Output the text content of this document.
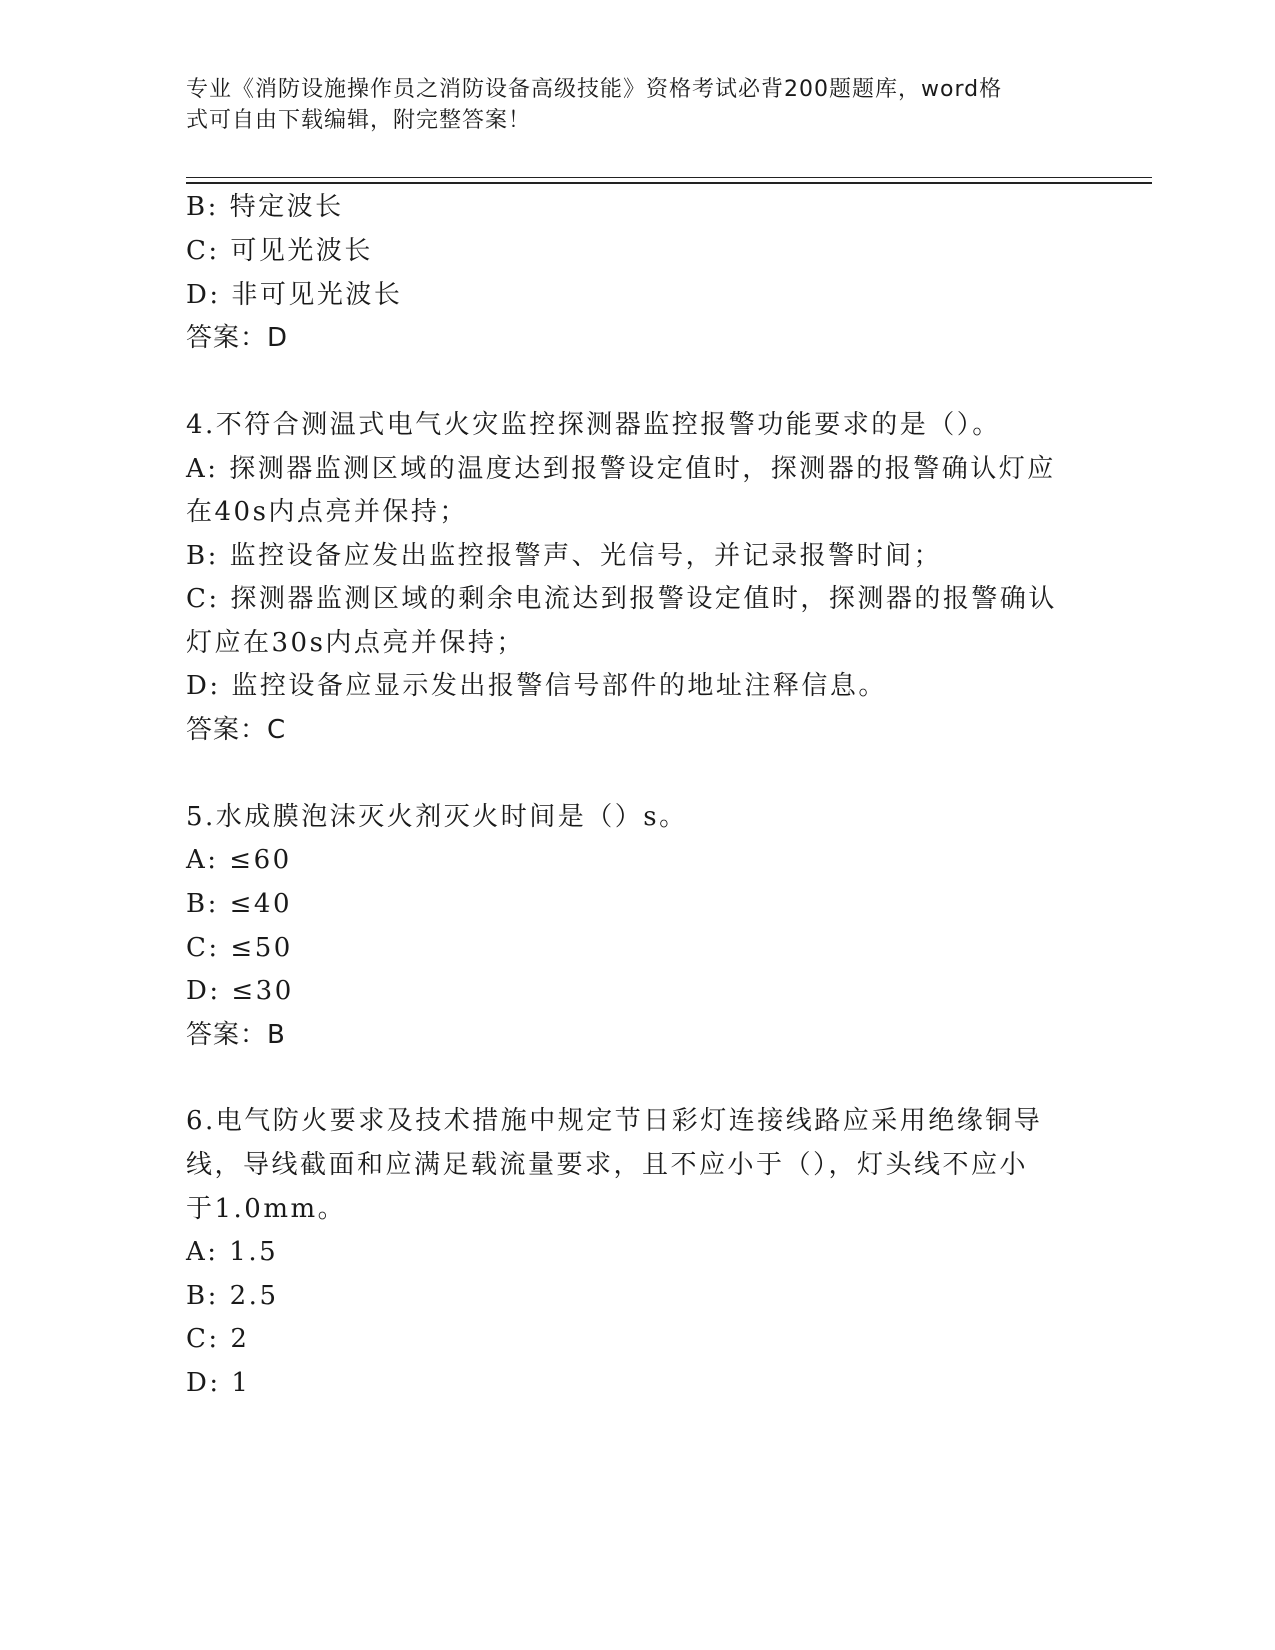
专业《消防设施操作员之消防设备高级技能》资格考试必背200题题库，word格
式可自由下载编辑，附完整答案！
B: 特定波长
C: 可见光波长
D: 非可见光波长
答案：D
4.不符合测温式电气火灾监控探测器监控报警功能要求的是（）。
A: 探测器监测区域的温度达到报警设定值时，探测器的报警确认灯应
在40s内点亮并保持；
B: 监控设备应发出监控报警声、光信号，并记录报警时间；
C: 探测器监测区域的剩余电流达到报警设定值时，探测器的报警确认
灯应在30s内点亮并保持；
D: 监控设备应显示发出报警信号部件的地址注释信息。
答案：C
5.水成膜泡沫灭火剂灭火时间是（）s。
A: ≤60
B: ≤40
C: ≤50
D: ≤30
答案：B
6.电气防火要求及技术措施中规定节日彩灯连接线路应采用绝缘铜导
线，导线截面和应满足载流量要求，且不应小于（），灯头线不应小
于1.0mm。
A: 1.5
B: 2.5
C: 2
D: 1
